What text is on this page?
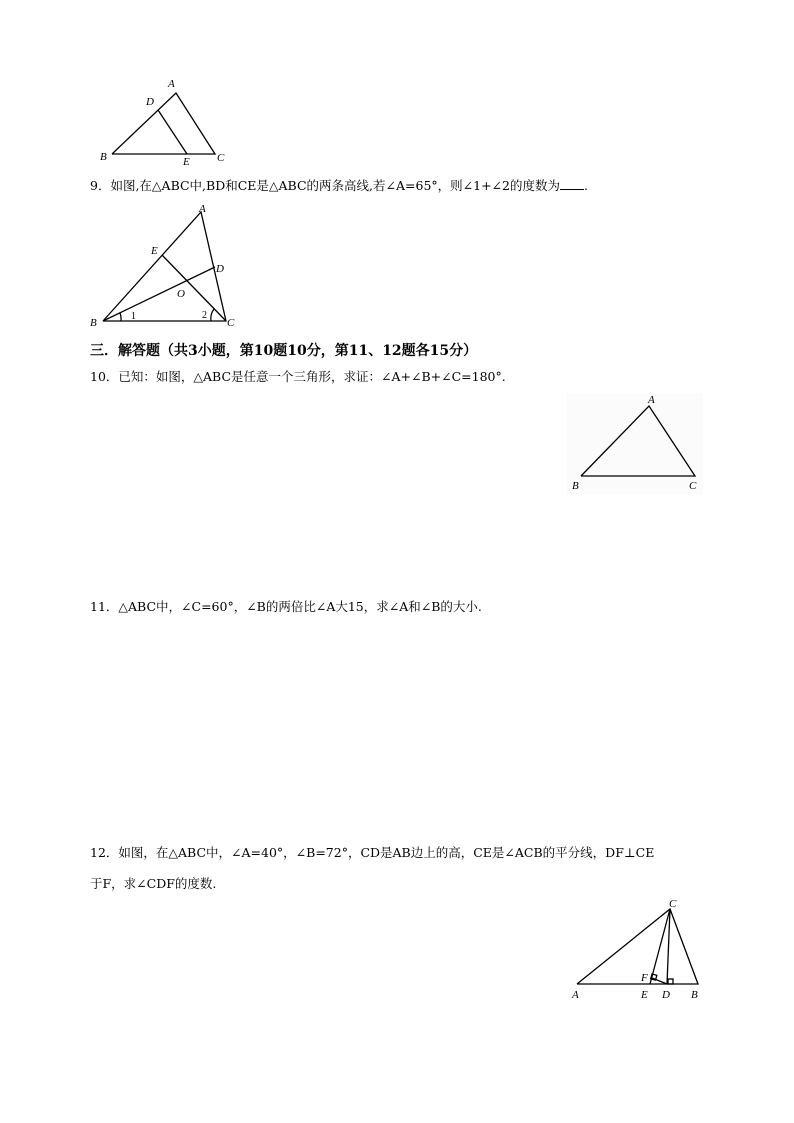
A
D
B	E C
9．如图,在△ABC中,BD和CE是△ABC的两条高线,若∠A=65°，则∠1+∠2的度数为 .
A
E
D
O
B	C
1	2
三．解答题（共3小题，第10题10分，第11、12题各15分）
10．已知：如图，△ABC是任意一个三角形，求证：∠A+∠B+∠C=180°.
A
B	C
11．△ABC中，∠C=60°，∠B的两倍比∠A大15，求∠A和∠B的大小.
12．如图，在△ABC中，∠A=40°，∠B=72°，CD是AB边上的高，CE是∠ACB的平分线，DF⊥CE
于F，求∠CDF的度数.
C
F
A	E D B
